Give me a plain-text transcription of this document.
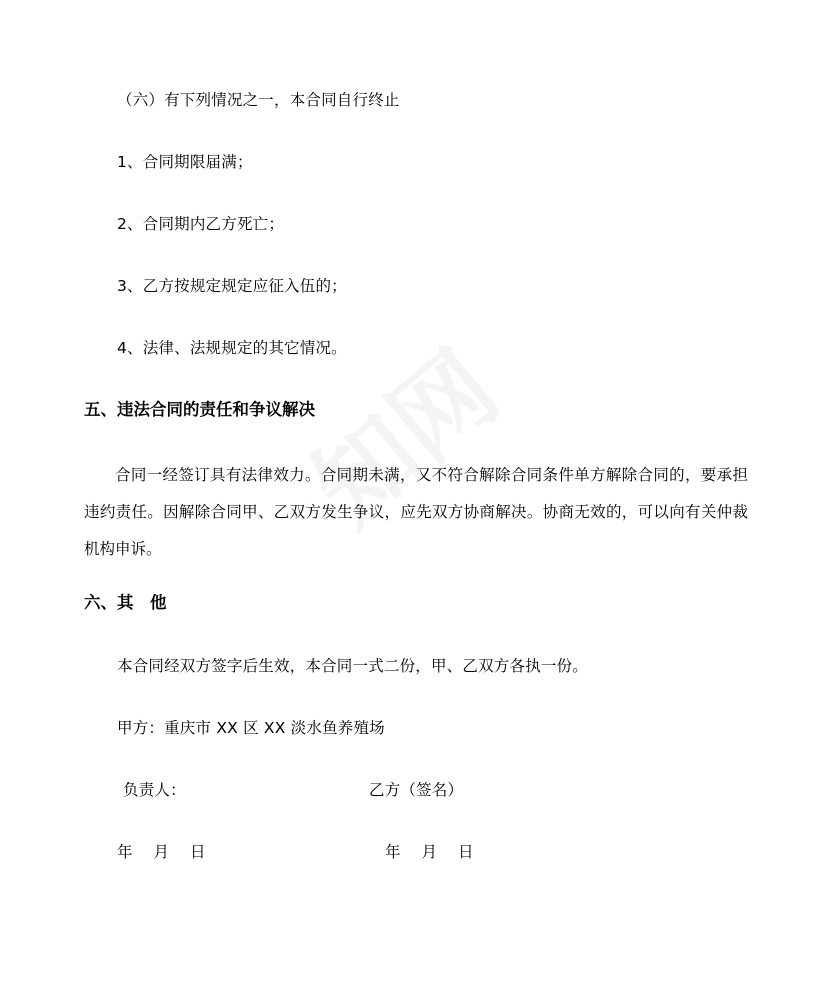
（六）有下列情况之一，本合同自行终止
1、合同期限届满；
2、合同期内乙方死亡；
3、乙方按规定规定应征入伍的；
4、法律、法规规定的其它情况。
五、违法合同的责任和争议解决
合同一经签订具有法律效力。合同期未满，又不符合解除合同条件单方解除合同的，要承担违约责任。因解除合同甲、乙双方发生争议，应先双方协商解决。协商无效的，可以向有关仲裁机构申诉。
六、其　他
本合同经双方签字后生效，本合同一式二份，甲、乙双方各执一份。
甲方：重庆市 XX 区 XX 淡水鱼养殖场
负责人：	乙方（签名）
年　 月　 日	年　 月　 日
